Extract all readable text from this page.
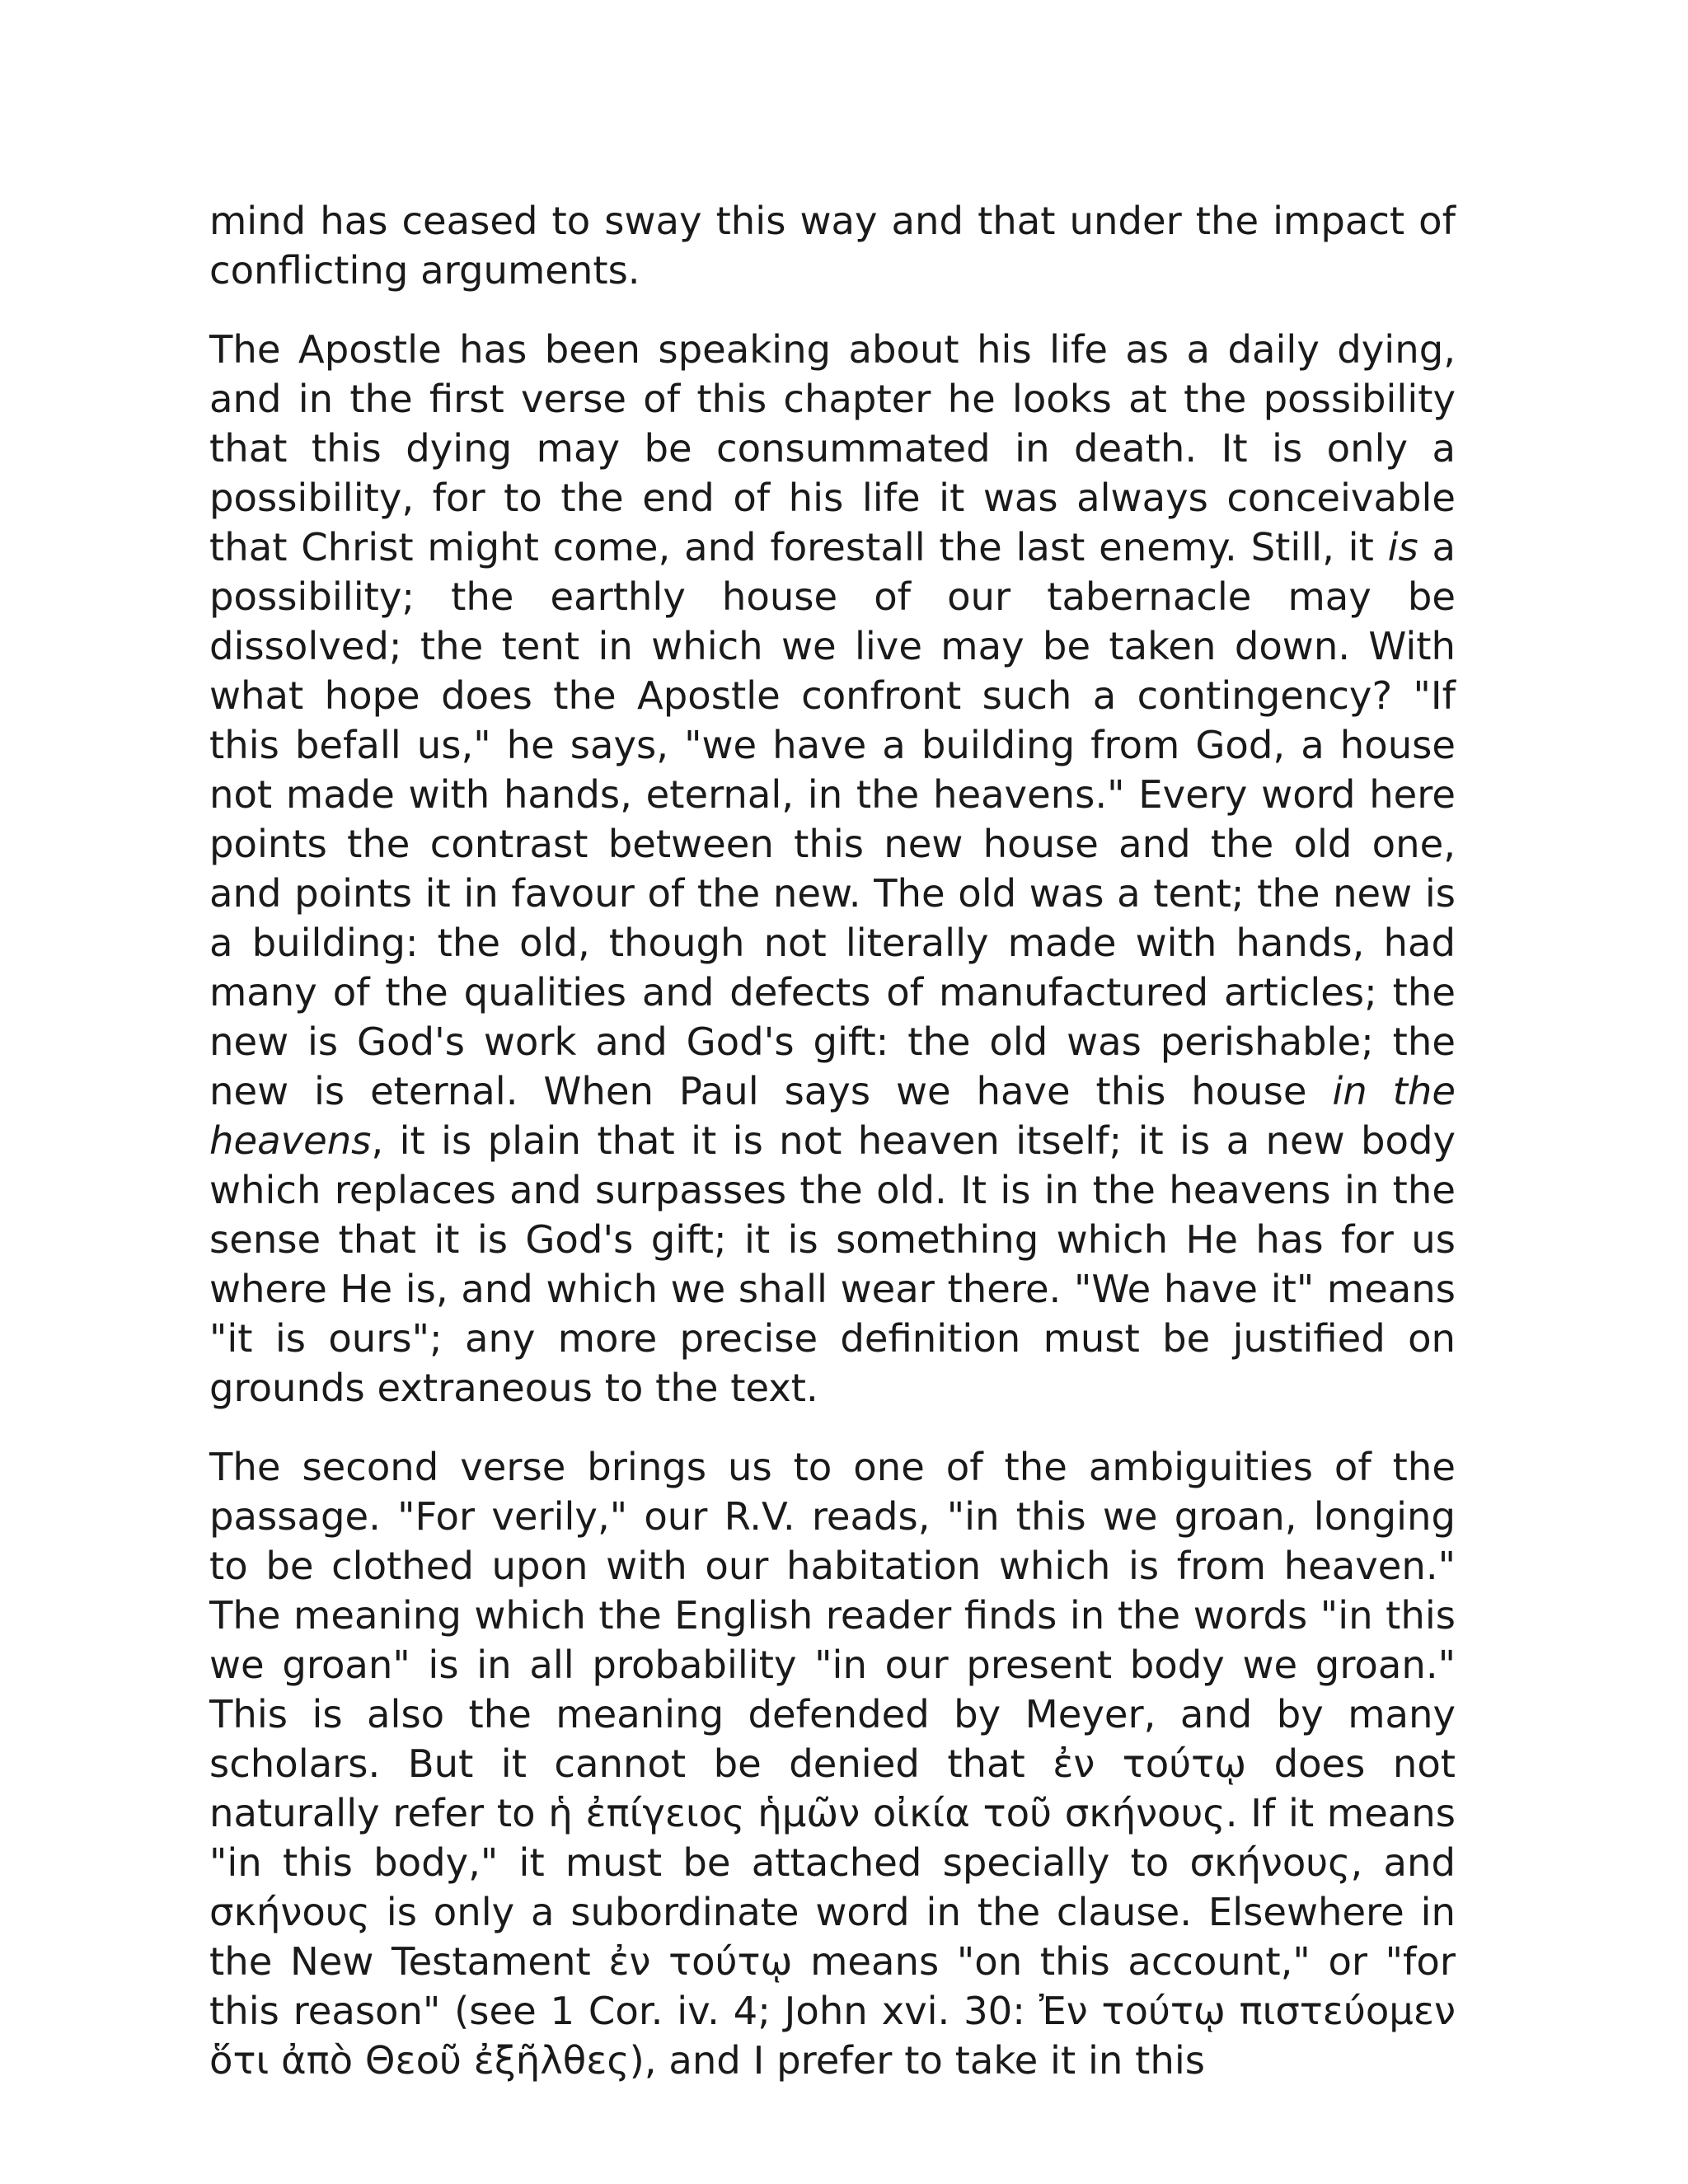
mind has ceased to sway this way and that under the impact of conflicting arguments.

The Apostle has been speaking about his life as a daily dying, and in the first verse of this chapter he looks at the possibility that this dying may be consummated in death. It is only a possibility, for to the end of his life it was always conceivable that Christ might come, and forestall the last enemy. Still, it is a possibility; the earthly house of our tabernacle may be dissolved; the tent in which we live may be taken down. With what hope does the Apostle confront such a contingency? "If this befall us," he says, "we have a building from God, a house not made with hands, eternal, in the heavens." Every word here points the contrast between this new house and the old one, and points it in favour of the new. The old was a tent; the new is a building: the old, though not literally made with hands, had many of the qualities and defects of manufactured articles; the new is God's work and God's gift: the old was perishable; the new is eternal. When Paul says we have this house in the heavens, it is plain that it is not heaven itself; it is a new body which replaces and surpasses the old. It is in the heavens in the sense that it is God's gift; it is something which He has for us where He is, and which we shall wear there. "We have it" means "it is ours"; any more precise definition must be justified on grounds extraneous to the text.

The second verse brings us to one of the ambiguities of the passage. "For verily," our R.V. reads, "in this we groan, longing to be clothed upon with our habitation which is from heaven." The meaning which the English reader finds in the words "in this we groan" is in all probability "in our present body we groan." This is also the meaning defended by Meyer, and by many scholars. But it cannot be denied that ἐν τούτῳ does not naturally refer to ἡ ἐπίγειος ἡμῶν οἰκία τοῦ σκήνους. If it means "in this body," it must be attached specially to σκήνους, and σκήνους is only a subordinate word in the clause. Elsewhere in the New Testament ἐν τούτῳ means "on this account," or "for this reason" (see 1 Cor. iv. 4; John xvi. 30: Ἐν τούτῳ πιστεύομεν ὅτι ἀπὸ Θεοῦ ἐξῆλθες), and I prefer to take it in this
